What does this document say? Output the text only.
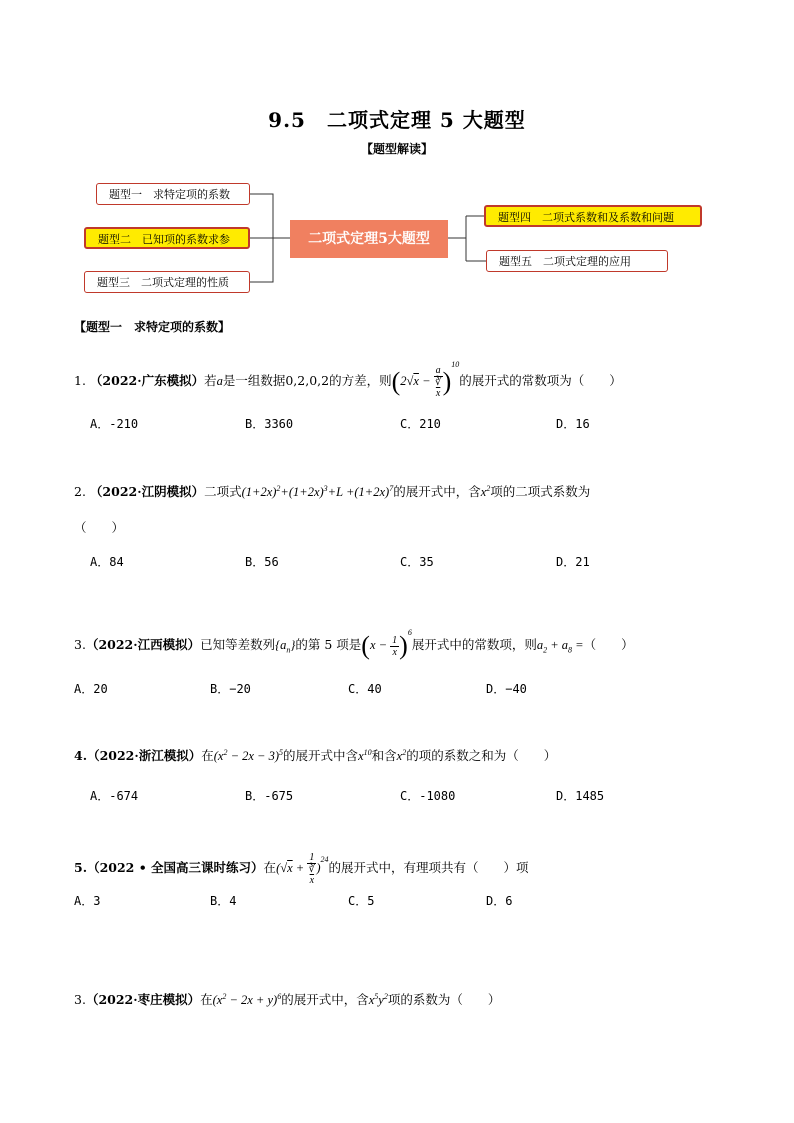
9.5　二项式定理 5 大题型
【题型解读】
题型一　求特定项的系数
题型二　已知项的系数求参
题型三　二项式定理的性质
二项式定理5大题型
题型四　二项式系数和及系数和问题
题型五　二项式定理的应用
【题型一　求特定项的系数】
1. （2022·广东模拟）若a是一组数据0,2,0,2的方差，则(2√x − a
∛
$\overline{x}$ )$^{10}$的展开式的常数项为（　　）
A．-210	B．3360	C．210	D．16
2. （2022·江阴模拟）二项式$(1+2x)^2+(1+2x)^3+L +(1+2x)^7$的展开式中，含$x^2$项的二项式系数为
（　　）
A．84	B．56	C．35	D．21
3.（2022·江西模拟）已知等差数列$\{a_n\}$的第 5 项是$(x - \frac{1}{x} )^6$展开式中的常数项，则$a_2 + a_8$ =（　　）
A．20	B．−20	C．40	D．−40
4.（2022·浙江模拟）在$(x^2 - 2x - 3)^5$的展开式中含$x^{10}$和含$x^2$的项的系数之和为（　　）
A．-674	B．-675	C．-1080	D．1485
5.（2022 • 全国高三课时练习）在(√x + 1
∛
$\overline{x}$ )$^{24}$的展开式中，有理项共有（　　）项
A．3	B．4	C．5	D．6
3.（2022·枣庄模拟）在$(x^2 - 2x + y)^6$的展开式中，含$x^5y^2$项的系数为（　　）
